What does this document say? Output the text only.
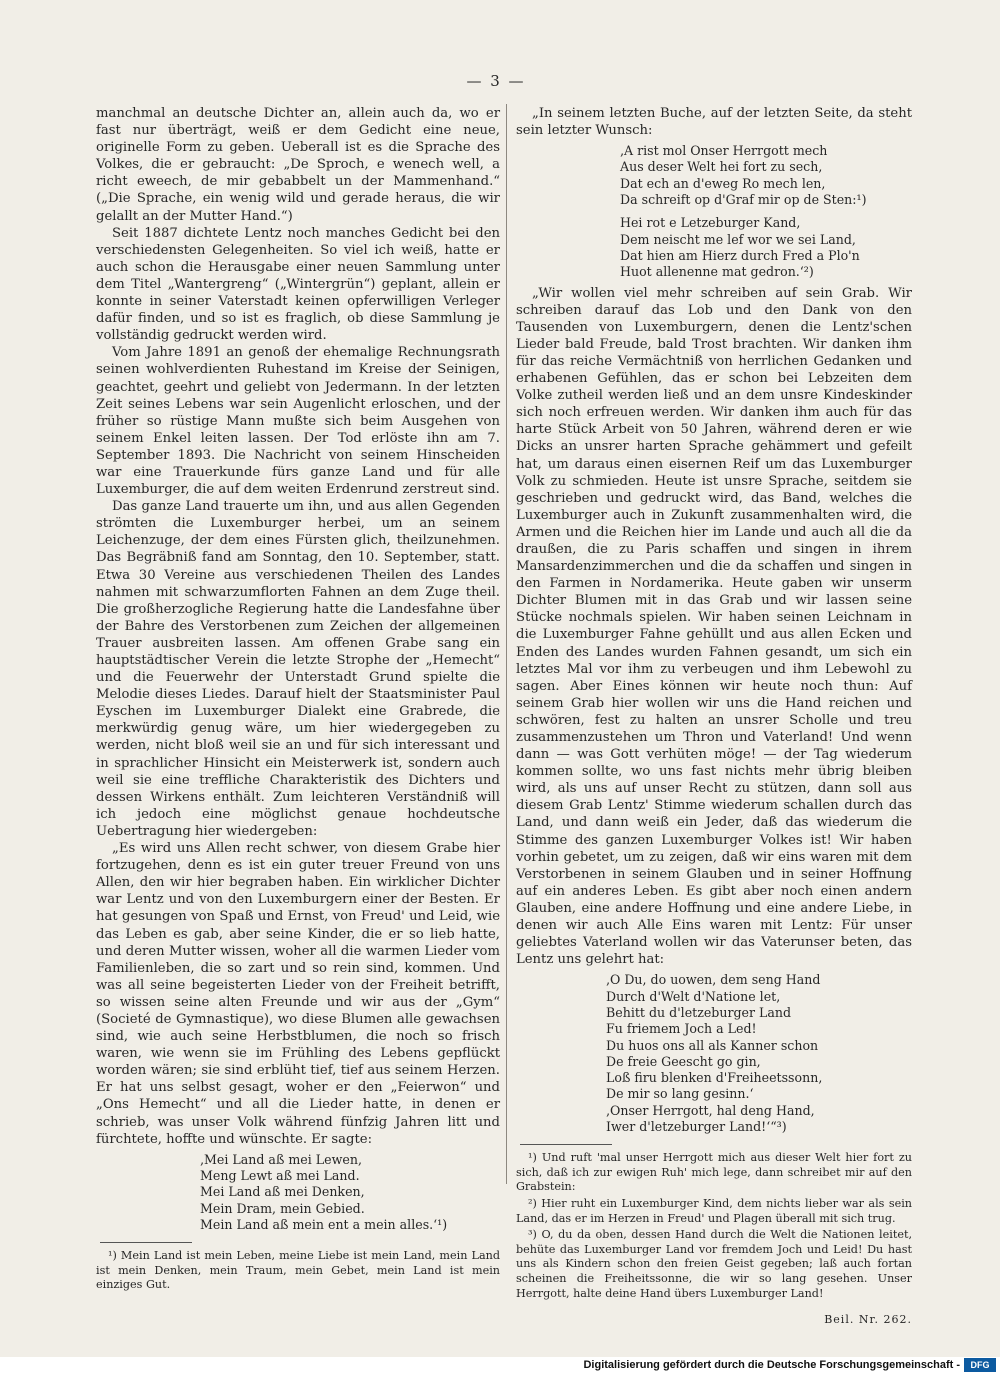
— 3 —

manchmal an deutsche Dichter an, allein auch da, wo er fast nur überträgt, weiß er dem Gedicht eine neue, originelle Form zu geben. Ueberall ist es die Sprache des Volkes, die er gebraucht: „De Sproch, e wenech well, a richt eweech, de mir gebabbelt un der Mammenhand.“ („Die Sprache, ein wenig wild und gerade heraus, die wir gelallt an der Mutter Hand.“)

Seit 1887 dichtete Lentz noch manches Gedicht bei den verschiedensten Gelegenheiten. So viel ich weiß, hatte er auch schon die Herausgabe einer neuen Sammlung unter dem Titel „Wantergreng“ („Wintergrün“) geplant, allein er konnte in seiner Vaterstadt keinen opferwilligen Verleger dafür finden, und so ist es fraglich, ob diese Sammlung je vollständig gedruckt werden wird.

Vom Jahre 1891 an genoß der ehemalige Rechnungsrath seinen wohlverdienten Ruhestand im Kreise der Seinigen, geachtet, geehrt und geliebt von Jedermann. In der letzten Zeit seines Lebens war sein Augenlicht erloschen, und der früher so rüstige Mann mußte sich beim Ausgehen von seinem Enkel leiten lassen. Der Tod erlöste ihn am 7. September 1893. Die Nachricht von seinem Hinscheiden war eine Trauerkunde fürs ganze Land und für alle Luxemburger, die auf dem weiten Erdenrund zerstreut sind.

Das ganze Land trauerte um ihn, und aus allen Gegenden strömten die Luxemburger herbei, um an seinem Leichenzuge, der dem eines Fürsten glich, theilzunehmen. Das Begräbniß fand am Sonntag, den 10. September, statt. Etwa 30 Vereine aus verschiedenen Theilen des Landes nahmen mit schwarzumflorten Fahnen an dem Zuge theil. Die großherzogliche Regierung hatte die Landesfahne über der Bahre des Verstorbenen zum Zeichen der allgemeinen Trauer ausbreiten lassen. Am offenen Grabe sang ein hauptstädtischer Verein die letzte Strophe der „Hemecht“ und die Feuerwehr der Unterstadt Grund spielte die Melodie dieses Liedes. Darauf hielt der Staatsminister Paul Eyschen im Luxemburger Dialekt eine Grabrede, die merkwürdig genug wäre, um hier wiedergegeben zu werden, nicht bloß weil sie an und für sich interessant und in sprachlicher Hinsicht ein Meisterwerk ist, sondern auch weil sie eine treffliche Charakteristik des Dichters und dessen Wirkens enthält. Zum leichteren Verständniß will ich jedoch eine möglichst genaue hochdeutsche Uebertragung hier wiedergeben:

„Es wird uns Allen recht schwer, von diesem Grabe hier fortzugehen, denn es ist ein guter treuer Freund von uns Allen, den wir hier begraben haben. Ein wirklicher Dichter war Lentz und von den Luxemburgern einer der Besten. Er hat gesungen von Spaß und Ernst, von Freud' und Leid, wie das Leben es gab, aber seine Kinder, die er so lieb hatte, und deren Mutter wissen, woher all die warmen Lieder vom Familienleben, die so zart und so rein sind, kommen. Und was all seine begeisterten Lieder von der Freiheit betrifft, so wissen seine alten Freunde und wir aus der „Gym“ (Societé de Gymnastique), wo diese Blumen alle gewachsen sind, wie auch seine Herbstblumen, die noch so frisch waren, wie wenn sie im Frühling des Lebens gepflückt worden wären; sie sind erblüht tief, tief aus seinem Herzen. Er hat uns selbst gesagt, woher er den „Feierwon“ und „Ons Hemecht“ und all die Lieder hatte, in denen er schrieb, was unser Volk während fünfzig Jahren litt und fürchtete, hoffte und wünschte. Er sagte:

‚Mei Land aß mei Lewen,
Meng Lewt aß mei Land.
Mei Land aß mei Denken,
Mein Dram, mein Gebied.
Mein Land aß mein ent a mein alles.‘¹)

¹) Mein Land ist mein Leben, meine Liebe ist mein Land, mein Land ist mein Denken, mein Traum, mein Gebet, mein Land ist mein einziges Gut.

„In seinem letzten Buche, auf der letzten Seite, da steht sein letzter Wunsch:

‚A rist mol Onser Herrgott mech
Aus deser Welt hei fort zu sech,
Dat ech an d'eweg Ro mech len,
Da schreift op d'Graf mir op de Sten:¹)
Hei rot e Letzeburger Kand,
Dem neischt me lef wor we sei Land,
Dat hien am Hierz durch Fred a Plo'n
Huot allenenne mat gedron.‘²)

„Wir wollen viel mehr schreiben auf sein Grab. Wir schreiben darauf das Lob und den Dank von den Tausenden von Luxemburgern, denen die Lentz'schen Lieder bald Freude, bald Trost brachten. Wir danken ihm für das reiche Vermächtniß von herrlichen Gedanken und erhabenen Gefühlen, das er schon bei Lebzeiten dem Volke zutheil werden ließ und an dem unsre Kindeskinder sich noch erfreuen werden. Wir danken ihm auch für das harte Stück Arbeit von 50 Jahren, während deren er wie Dicks an unsrer harten Sprache gehämmert und gefeilt hat, um daraus einen eisernen Reif um das Luxemburger Volk zu schmieden. Heute ist unsre Sprache, seitdem sie geschrieben und gedruckt wird, das Band, welches die Luxemburger auch in Zukunft zusammenhalten wird, die Armen und die Reichen hier im Lande und auch all die da draußen, die zu Paris schaffen und singen in ihrem Mansardenzimmerchen und die da schaffen und singen in den Farmen in Nordamerika. Heute gaben wir unserm Dichter Blumen mit in das Grab und wir lassen seine Stücke nochmals spielen. Wir haben seinen Leichnam in die Luxemburger Fahne gehüllt und aus allen Ecken und Enden des Landes wurden Fahnen gesandt, um sich ein letztes Mal vor ihm zu verbeugen und ihm Lebewohl zu sagen. Aber Eines können wir heute noch thun: Auf seinem Grab hier wollen wir uns die Hand reichen und schwören, fest zu halten an unsrer Scholle und treu zusammenzustehen um Thron und Vaterland! Und wenn dann — was Gott verhüten möge! — der Tag wiederum kommen sollte, wo uns fast nichts mehr übrig bleiben wird, als uns auf unser Recht zu stützen, dann soll aus diesem Grab Lentz' Stimme wiederum schallen durch das Land, und dann weiß ein Jeder, daß das wiederum die Stimme des ganzen Luxemburger Volkes ist! Wir haben vorhin gebetet, um zu zeigen, daß wir eins waren mit dem Verstorbenen in seinem Glauben und in seiner Hoffnung auf ein anderes Leben. Es gibt aber noch einen andern Glauben, eine andere Hoffnung und eine andere Liebe, in denen wir auch Alle Eins waren mit Lentz: Für unser geliebtes Vaterland wollen wir das Vaterunser beten, das Lentz uns gelehrt hat:

‚O Du, do uowen, dem seng Hand
Durch d'Welt d'Natione let,
Behitt du d'letzeburger Land
Fu friemem Joch a Led!
Du huos ons all als Kanner schon
De freie Geescht go gin,
Loß firu blenken d'Freiheetssonn,
De mir so lang gesinn.‘
‚Onser Herrgott, hal deng Hand,
Iwer d'letzeburger Land!‘“³)

¹) Und ruft 'mal unser Herrgott mich aus dieser Welt hier fort zu sich, daß ich zur ewigen Ruh' mich lege, dann schreibet mir auf den Grabstein:

²) Hier ruht ein Luxemburger Kind, dem nichts lieber war als sein Land, das er im Herzen in Freud' und Plagen überall mit sich trug.

³) O, du da oben, dessen Hand durch die Welt die Nationen leitet, behüte das Luxemburger Land vor fremdem Joch und Leid! Du hast uns als Kindern schon den freien Geist gegeben; laß auch fortan scheinen die Freiheitssonne, die wir so lang gesehen. Unser Herrgott, halte deine Hand übers Luxemburger Land!

Beil. Nr. 262.
Digitalisierung gefördert durch die Deutsche Forschungsgemeinschaft -	DFG
